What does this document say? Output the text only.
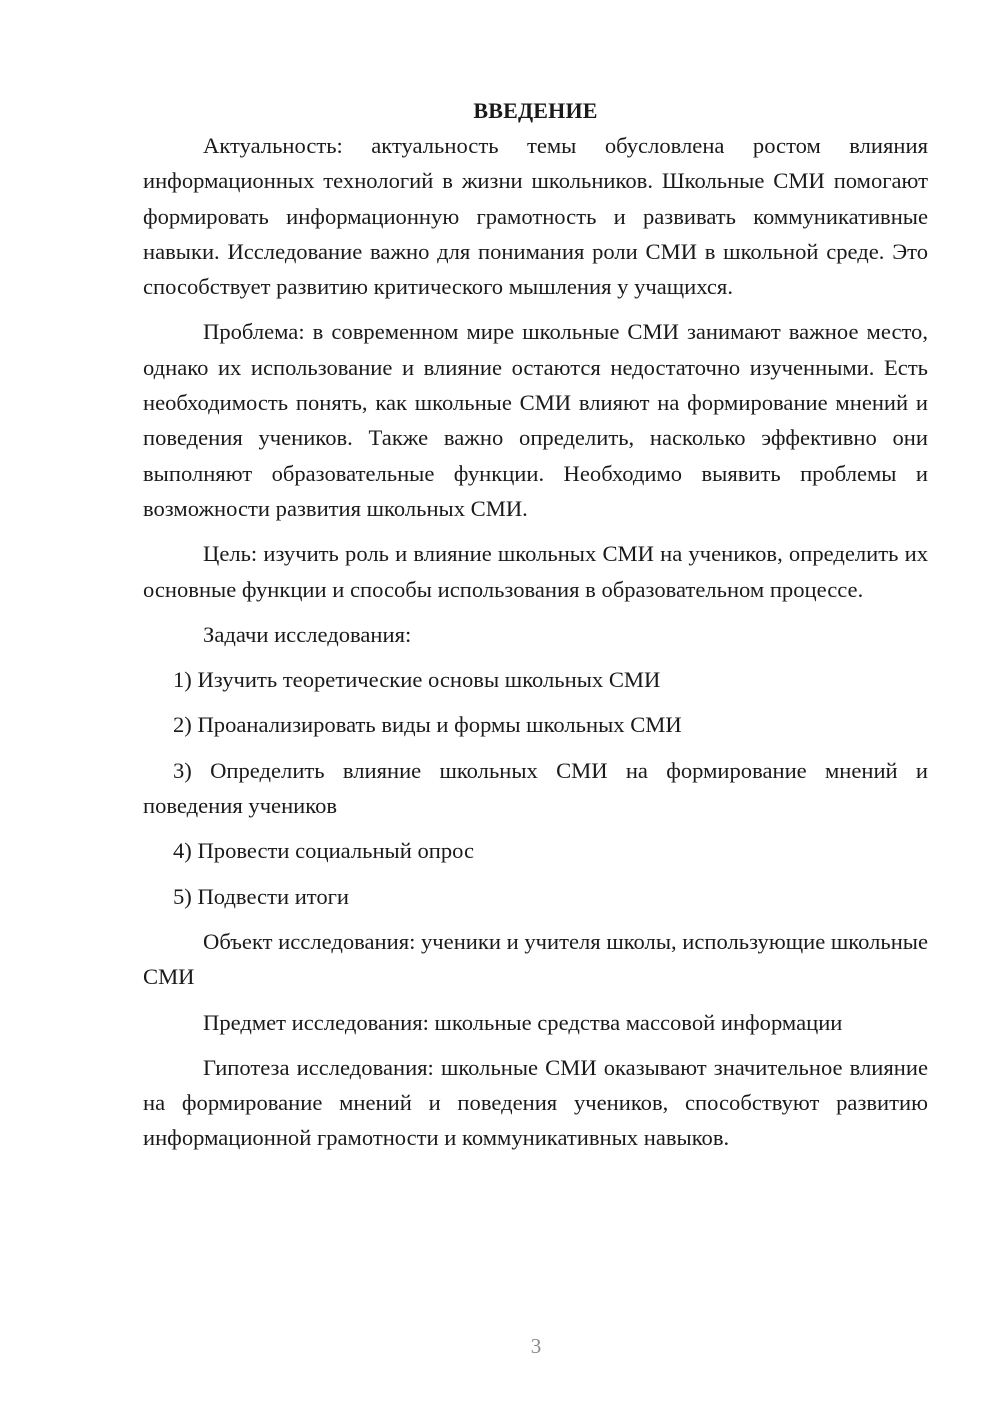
ВВЕДЕНИЕ

Актуальность: актуальность темы обусловлена ростом влияния информационных технологий в жизни школьников. Школьные СМИ помогают формировать информационную грамотность и развивать коммуникативные навыки. Исследование важно для понимания роли СМИ в школьной среде. Это способствует развитию критического мышления у учащихся.

Проблема: в современном мире школьные СМИ занимают важное место, однако их использование и влияние остаются недостаточно изученными. Есть необходимость понять, как школьные СМИ влияют на формирование мнений и поведения учеников. Также важно определить, насколько эффективно они выполняют образовательные функции. Необходимо выявить проблемы и возможности развития школьных СМИ.

Цель: изучить роль и влияние школьных СМИ на учеников, определить их основные функции и способы использования в образовательном процессе.

Задачи исследования:

1) Изучить теоретические основы школьных СМИ

2) Проанализировать виды и формы школьных СМИ

3) Определить влияние школьных СМИ на формирование мнений и поведения учеников

4) Провести социальный опрос

5) Подвести итоги

Объект исследования: ученики и учителя школы, использующие школьные СМИ

Предмет исследования: школьные средства массовой информации

Гипотеза исследования: школьные СМИ оказывают значительное влияние на формирование мнений и поведения учеников, способствуют развитию информационной грамотности и коммуникативных навыков.

3
